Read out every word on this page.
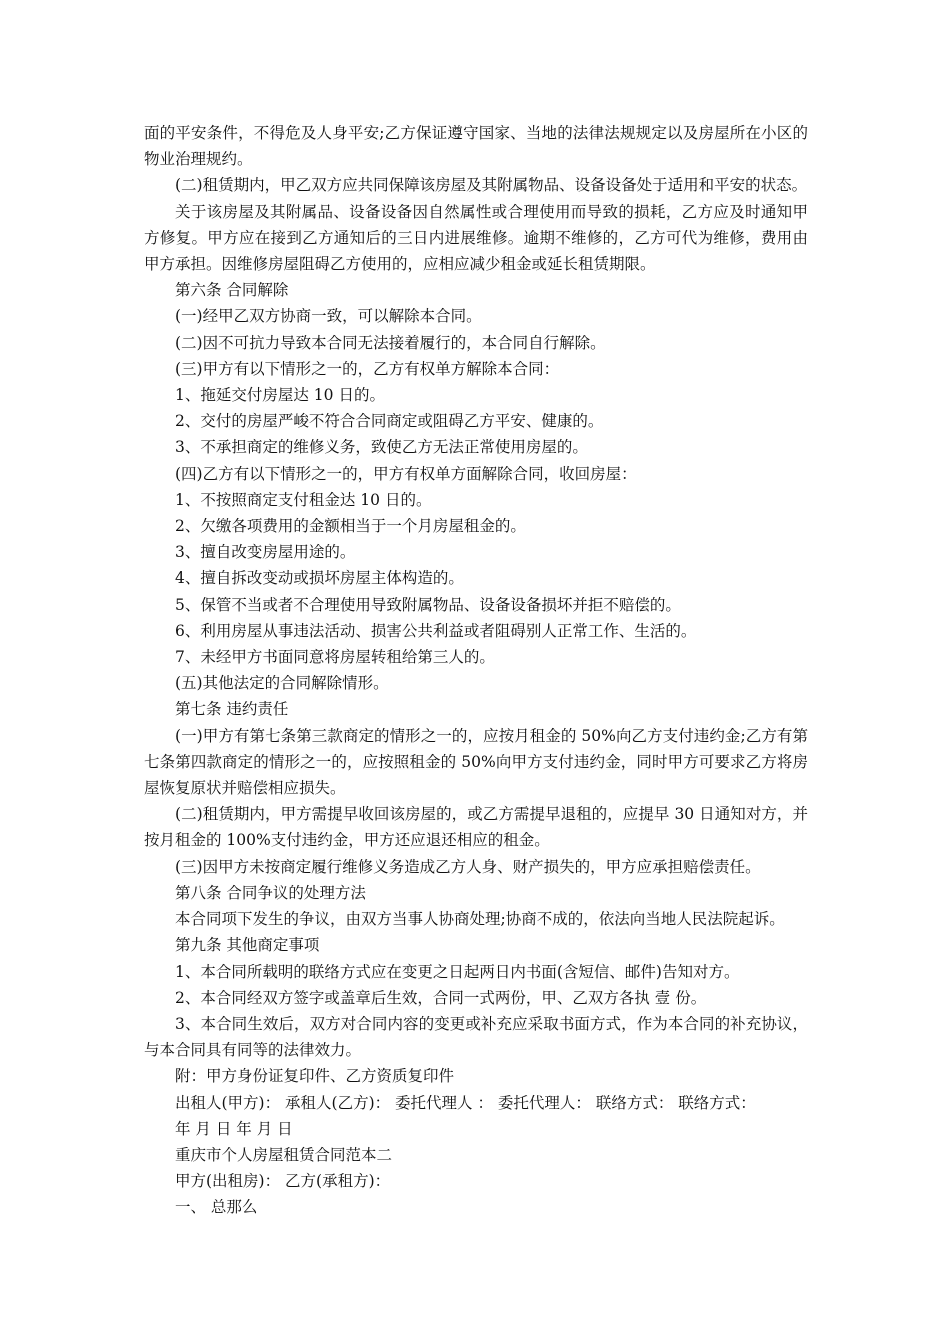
面的平安条件，不得危及人身平安;乙方保证遵守国家、当地的法律法规规定以及房屋所在小区的物业治理规约。

(二)租赁期内，甲乙双方应共同保障该房屋及其附属物品、设备设备处于适用和平安的状态。

关于该房屋及其附属品、设备设备因自然属性或合理使用而导致的损耗，乙方应及时通知甲方修复。甲方应在接到乙方通知后的三日内进展维修。逾期不维修的，乙方可代为维修，费用由甲方承担。因维修房屋阻碍乙方使用的，应相应减少租金或延长租赁期限。

第六条 合同解除

(一)经甲乙双方协商一致，可以解除本合同。

(二)因不可抗力导致本合同无法接着履行的，本合同自行解除。

(三)甲方有以下情形之一的，乙方有权单方解除本合同：

1、拖延交付房屋达 10 日的。

2、交付的房屋严峻不符合合同商定或阻碍乙方平安、健康的。

3、不承担商定的维修义务，致使乙方无法正常使用房屋的。

(四)乙方有以下情形之一的，甲方有权单方面解除合同，收回房屋：

1、不按照商定支付租金达 10 日的。

2、欠缴各项费用的金额相当于一个月房屋租金的。

3、擅自改变房屋用途的。

4、擅自拆改变动或损坏房屋主体构造的。

5、保管不当或者不合理使用导致附属物品、设备设备损坏并拒不赔偿的。

6、利用房屋从事违法活动、损害公共利益或者阻碍别人正常工作、生活的。

7、未经甲方书面同意将房屋转租给第三人的。

(五)其他法定的合同解除情形。

第七条 违约责任

(一)甲方有第七条第三款商定的情形之一的，应按月租金的 50%向乙方支付违约金;乙方有第七条第四款商定的情形之一的，应按照租金的 50%向甲方支付违约金，同时甲方可要求乙方将房屋恢复原状并赔偿相应损失。

(二)租赁期内，甲方需提早收回该房屋的，或乙方需提早退租的，应提早 30 日通知对方，并按月租金的 100%支付违约金，甲方还应退还相应的租金。

(三)因甲方未按商定履行维修义务造成乙方人身、财产损失的，甲方应承担赔偿责任。

第八条 合同争议的处理方法

本合同项下发生的争议，由双方当事人协商处理;协商不成的，依法向当地人民法院起诉。

第九条 其他商定事项

1、本合同所载明的联络方式应在变更之日起两日内书面(含短信、邮件)告知对方。

2、本合同经双方签字或盖章后生效，合同一式两份，甲、乙双方各执 壹 份。

3、本合同生效后，双方对合同内容的变更或补充应采取书面方式，作为本合同的补充协议，与本合同具有同等的法律效力。

附：甲方身份证复印件、乙方资质复印件

出租人(甲方)： 承租人(乙方)： 委托代理人 ： 委托代理人： 联络方式： 联络方式：

年 月 日 年 月 日

重庆市个人房屋租赁合同范本二

甲方(出租房)： 乙方(承租方)：

一、 总那么
